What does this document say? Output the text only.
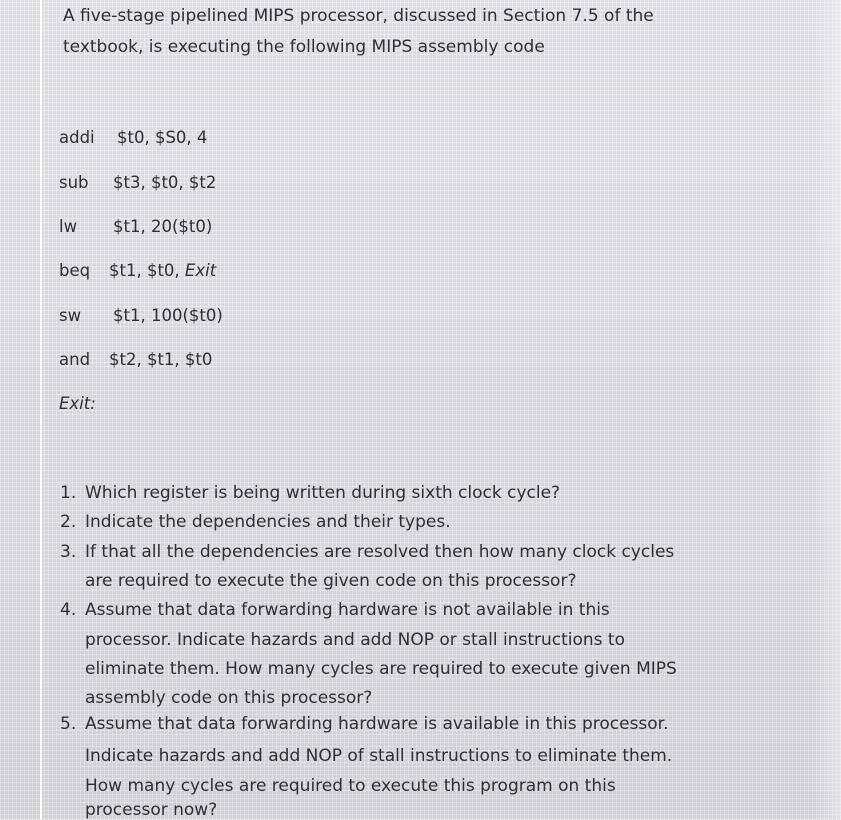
A five-stage pipelined MIPS processor, discussed in Section 7.5 of the
textbook, is executing the following MIPS assembly code
addi $t0, $S0, 4
sub $t3, $t0, $t2
lw $t1, 20($t0)
beq $t1, $t0, Exit
sw $t1, 100($t0)
and $t2, $t1, $t0
Exit:
1. Which register is being written during sixth clock cycle?
2. Indicate the dependencies and their types.
3. If that all the dependencies are resolved then how many clock cycles
are required to execute the given code on this processor?
4. Assume that data forwarding hardware is not available in this
processor. Indicate hazards and add NOP or stall instructions to
eliminate them. How many cycles are required to execute given MIPS
assembly code on this processor?
5. Assume that data forwarding hardware is available in this processor.
Indicate hazards and add NOP of stall instructions to eliminate them.
How many cycles are required to execute this program on this
processor now?
